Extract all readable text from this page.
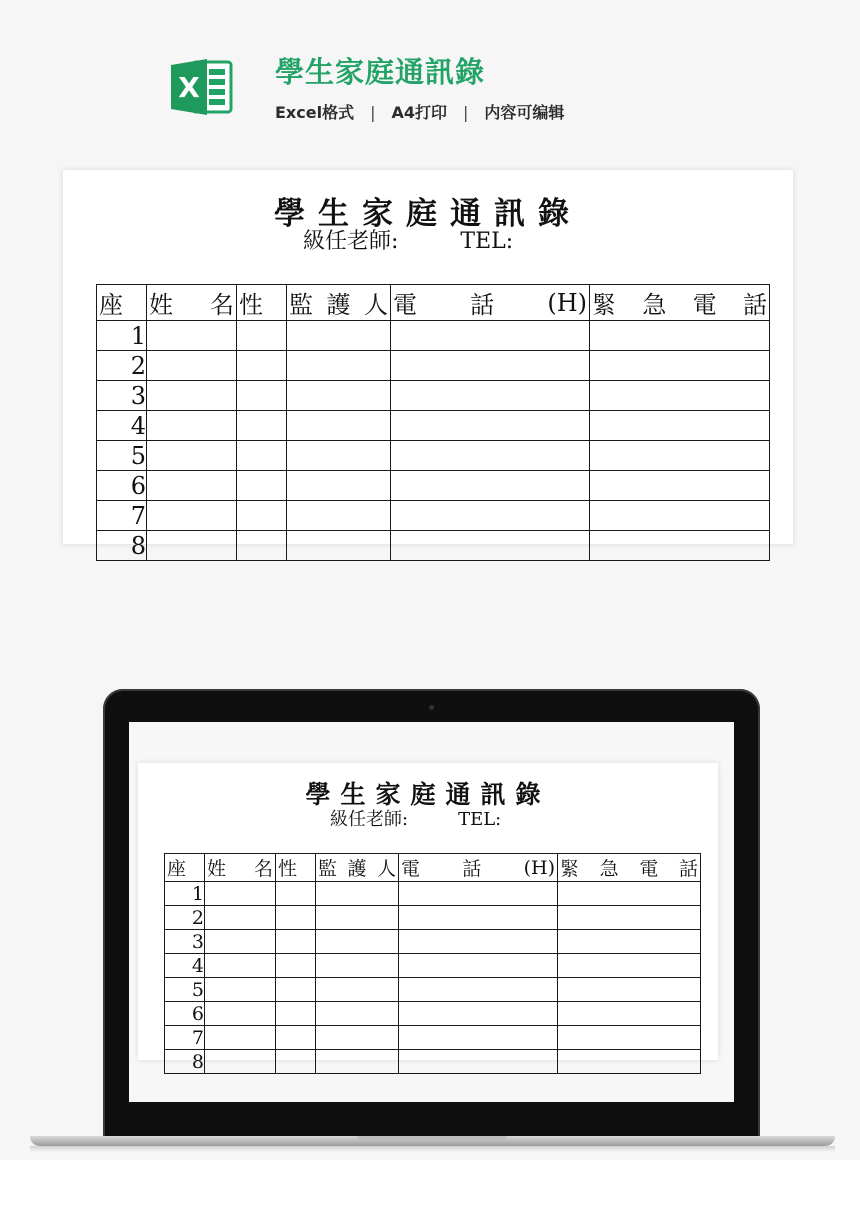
X	學生家庭通訊錄
Excel格式 | A4打印 | 内容可编辑
學生家庭通訊錄
級任老師:	TEL:
座	姓 名	性	監 護 人	電 話 (H)	緊 急 電 話

1					
2					
3					
4					
5					
6					
7					
8					
學生家庭通訊錄
級任老師:	TEL:
座	姓 名	性	監 護 人	電 話 (H)	緊 急 電 話

1					
2					
3					
4					
5					
6					
7					
8					
